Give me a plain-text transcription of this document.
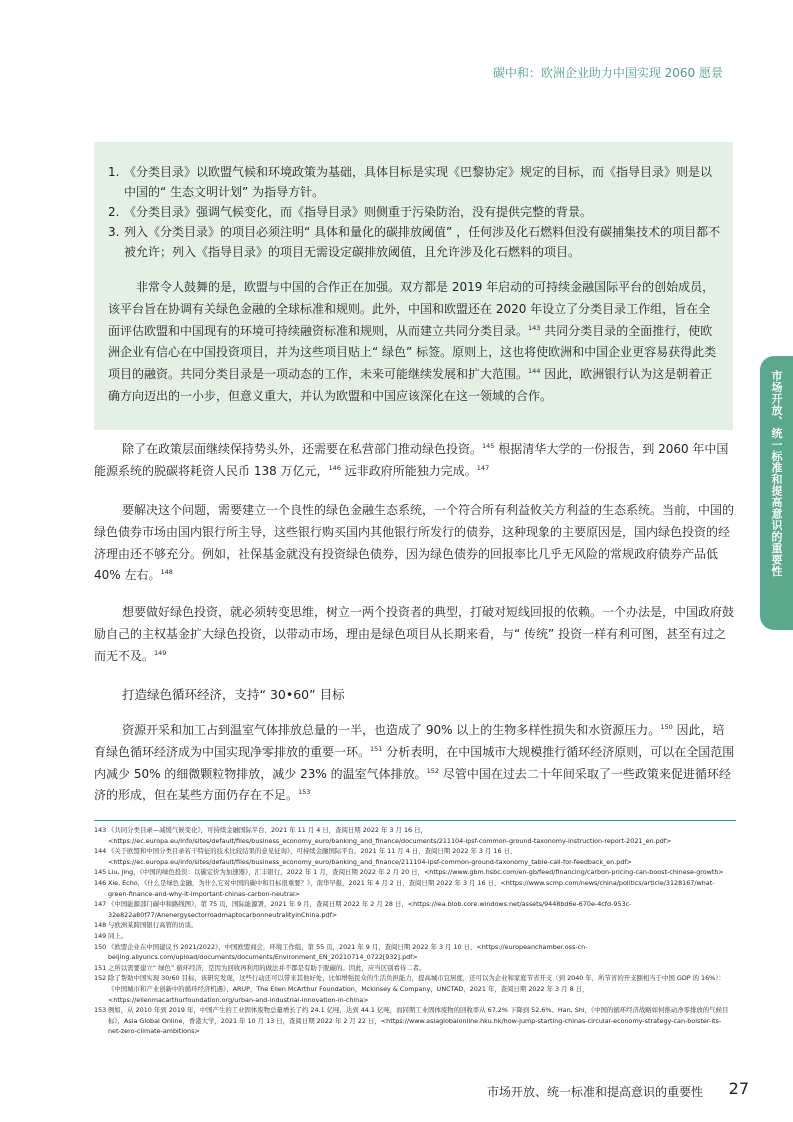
碳中和：欧洲企业助力中国实现 2060 愿景
1. 《分类目录》以欧盟气候和环境政策为基础，具体目标是实现《巴黎协定》规定的目标，而《指导目录》则是以中国的“ 生态文明计划” 为指导方针。
2. 《分类目录》强调气候变化，而《指导目录》则侧重于污染防治，没有提供完整的背景。
3. 列入《分类目录》的项目必须注明“ 具体和量化的碳排放阈值” ，任何涉及化石燃料但没有碳捕集技术的项目都不被允许；列入《指导目录》的项目无需设定碳排放阈值，且允许涉及化石燃料的项目。

非常令人鼓舞的是，欧盟与中国的合作正在加强。双方都是 2019 年启动的可持续金融国际平台的创始成员，该平台旨在协调有关绿色金融的全球标准和规则。此外，中国和欧盟还在 2020 年设立了分类目录工作组，旨在全面评估欧盟和中国现有的环境可持续融资标准和规则，从而建立共同分类目录。$^{143}$ 共同分类目录的全面推行，使欧洲企业有信心在中国投资项目，并为这些项目贴上“ 绿色” 标签。原则上，这也将使欧洲和中国企业更容易获得此类项目的融资。共同分类目录是一项动态的工作，未来可能继续发展和扩大范围。$^{144}$ 因此，欧洲银行认为这是朝着正确方向迈出的一小步，但意义重大，并认为欧盟和中国应该深化在这一领域的合作。

除了在政策层面继续保持势头外，还需要在私营部门推动绿色投资。$^{145}$ 根据清华大学的一份报告，到 2060 年中国能源系统的脱碳将耗资人民币 138 万亿元，$^{146}$ 远非政府所能独力完成。$^{147}$

要解决这个问题，需要建立一个良性的绿色金融生态系统，一个符合所有利益攸关方利益的生态系统。当前，中国的绿色债券市场由国内银行所主导，这些银行购买国内其他银行所发行的债券，这种现象的主要原因是，国内绿色投资的经济理由还不够充分。例如，社保基金就没有投资绿色债券，因为绿色债券的回报率比几乎无风险的常规政府债券产品低 40% 左右。$^{148}$

想要做好绿色投资，就必须转变思维，树立一两个投资者的典型，打破对短线回报的依赖。一个办法是，中国政府鼓励自己的主权基金扩大绿色投资，以带动市场，理由是绿色项目从长期来看，与“ 传统” 投资一样有利可图，甚至有过之而无不及。$^{149}$

打造绿色循环经济，支持“ 30•60” 目标

资源开采和加工占到温室气体排放总量的一半，也造成了 90% 以上的生物多样性损失和水资源压力。$^{150}$ 因此，培育绿色循环经济成为中国实现净零排放的重要一环。$^{151}$ 分析表明，在中国城市大规模推行循环经济原则，可以在全国范围内减少 50% 的细微颗粒物排放，减少 23% 的温室气体排放。$^{152}$ 尽管中国在过去二十年间采取了一些政策来促进循环经济的形成，但在某些方面仍存在不足。$^{153}$

市场开放、统一标准和提高意识的重要性
143 《共同分类目录—减缓气候变化》，可持续金融国际平台，2021 年 11 月 4 日，查阅日期 2022 年 3 月 16 日，<https://ec.europa.eu/info/sites/default/files/business_economy_euro/banking_and_finance/documents/211104-ipsf-common-ground-taxonomy-instruction-report-2021_en.pdf>
144 《关于欧盟和中国分类目录若干特征的技术比较结果的意见征询》，可持续金融国际平台，2021 年 11 月 4 日，查阅日期 2022 年 3 月 16 日，<https://ec.europa.eu/info/sites/default/files/business_economy_euro/banking_and_finance/211104-ipsf-common-ground-taxonomy_table-call-for-feedback_en.pdf>
145 Liu, Jing，《中国的绿色投资：以碳定价为加速器》，汇丰银行，2022 年 1 月，查阅日期 2022 年 2 月 20 日，<https://www.gbm.hsbc.com/en-gb/feed/financing/carbon-pricing-can-boost-chinese-growth>
146 Xie, Echo，《什么是绿色金融，为什么它对中国的碳中和目标很重要？》，南华早报，2021 年 4 月 2 日，查阅日期 2022 年 3 月 16 日，<https://www.scmp.com/news/china/politics/article/3128167/what-green-finance-and-why-it-important-chinas-carbon-neutral>
147 《中国能源部门碳中和路线图》，第 75 页，国际能源署，2021 年 9 月，查阅日期 2022 年 2 月 28 日，<https://iea.blob.core.windows.net/assets/9448bd6e-670e-4cfd-953c-32e822a80f77/AnenergysectorroadmaptocarbonneutralityinChina.pdf>
148 与欧洲某跨国银行高管的访谈。
149 同上。
150 《欧盟企业在中国建议书 2021/2022》，中国欧盟商会，环境工作组，第 55 页，2021 年 9 月，查阅日期 2022 年 3 月 10 日，<https://europeanchamber.oss-cn-beijing.aliyuncs.com/upload/documents/documents/Environment_EN_20210714_0722[932].pdf>
151 之所以需要建立“ 绿色” 循环经济，是因为回收再利用的做法并不都是有助于脱碳的。因此，应当区别看待二者。
152 除了帮助中国实现 30/60 目标，该研究发现，这些行动还可以带来其他好处，比如增强民众的生活负担能力，提高城市宜居度，还可以为企业和家庭节省开支（到 2040 年，所节省的开支额相当于中国 GDP 的 16%）：《中国城市和产业创新中的循环经济机遇》，ARUP，The Ellen McArthur Foundation，Mckinsey & Company，UNCTAD，2021 年，查阅日期 2022 年 3 月 8 日，<https://ellenmacarthurfoundation.org/urban-and-industrial-innovation-in-china>
153 例如，从 2010 年到 2019 年，中国产生的工业固体废物总量增长了约 24.1 亿吨，达到 44.1 亿吨，而同期工业固体废物的回收率从 67.2% 下降到 52.6%。Han, Shi，《中国的循环经济战略如何推动净零排放的气候目标》，Asia Global Online，香港大学，2021 年 10 月 13 日，查阅日期 2022 年 2 月 22 日，<https://www.asiaglobalonline.hku.hk/how-jump-starting-chinas-circular-economy-strategy-can-bolster-its-net-zero-climate-ambitions>
市场开放、统一标准和提高意识的重要性 27
